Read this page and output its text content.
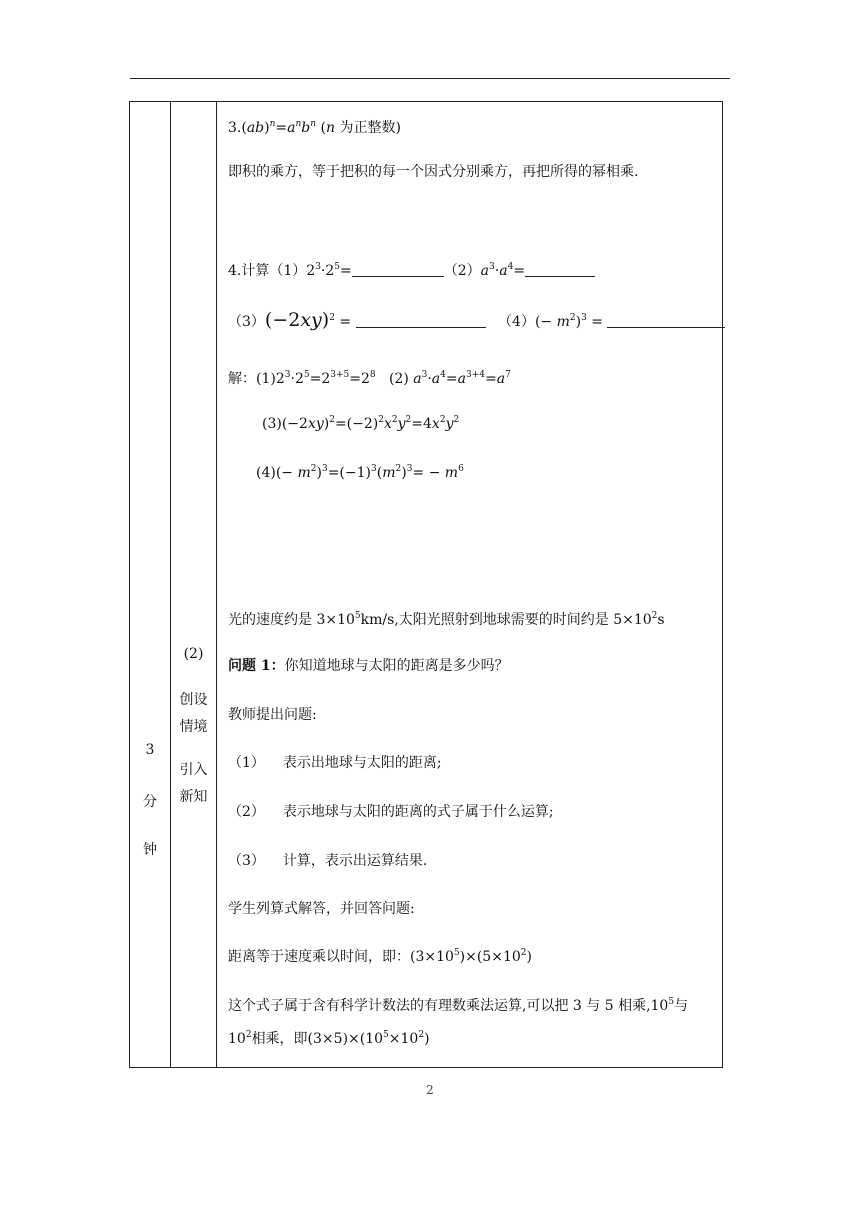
3
分
钟
(2)
创设
情境
引入
新知
$3.(ab)^n=a^nb^n$ (n 为正整数)
即积的乘方，等于把积的每一个因式分别乘方，再把所得的幂相乘.
4.计算$(1)2^3\cdot 2^5=$	$(2)a^3\cdot a^4=$
$(3)(-2xy)^2$ =	$(4)(- m^2)^3$ =
解：$(1)2^3\cdot 2^5=2^{3+5}=2^8$   (2) $a^3\cdot a^4=a^{3+4}=a^7$
$(3)(-2xy)^2=(-2)^2x^2y^2=4x^2y^2$
$(4)(- m^2)^3=(-1)^3(m^2)^3= - m^6$
光的速度约是 $3\times 10^5km/s$,太阳光照射到地球需要的时间约是 $5\times 10^2s$
问题 1：你知道地球与太阳的距离是多少吗？
教师提出问题:
（1） 表示出地球与太阳的距离;
（2） 表示地球与太阳的距离的式子属于什么运算;
（3） 计算，表示出运算结果.
学生列算式解答，并回答问题:
距离等于速度乘以时间，即：$(3\times 10^5)\times(5\times 10^2)$
这个式子属于含有科学计数法的有理数乘法运算,可以把 3 与 5 相乘$,10^5$与
$10^2$相乘，即$(3\times 5)\times(10^5\times 10^2)$
2
